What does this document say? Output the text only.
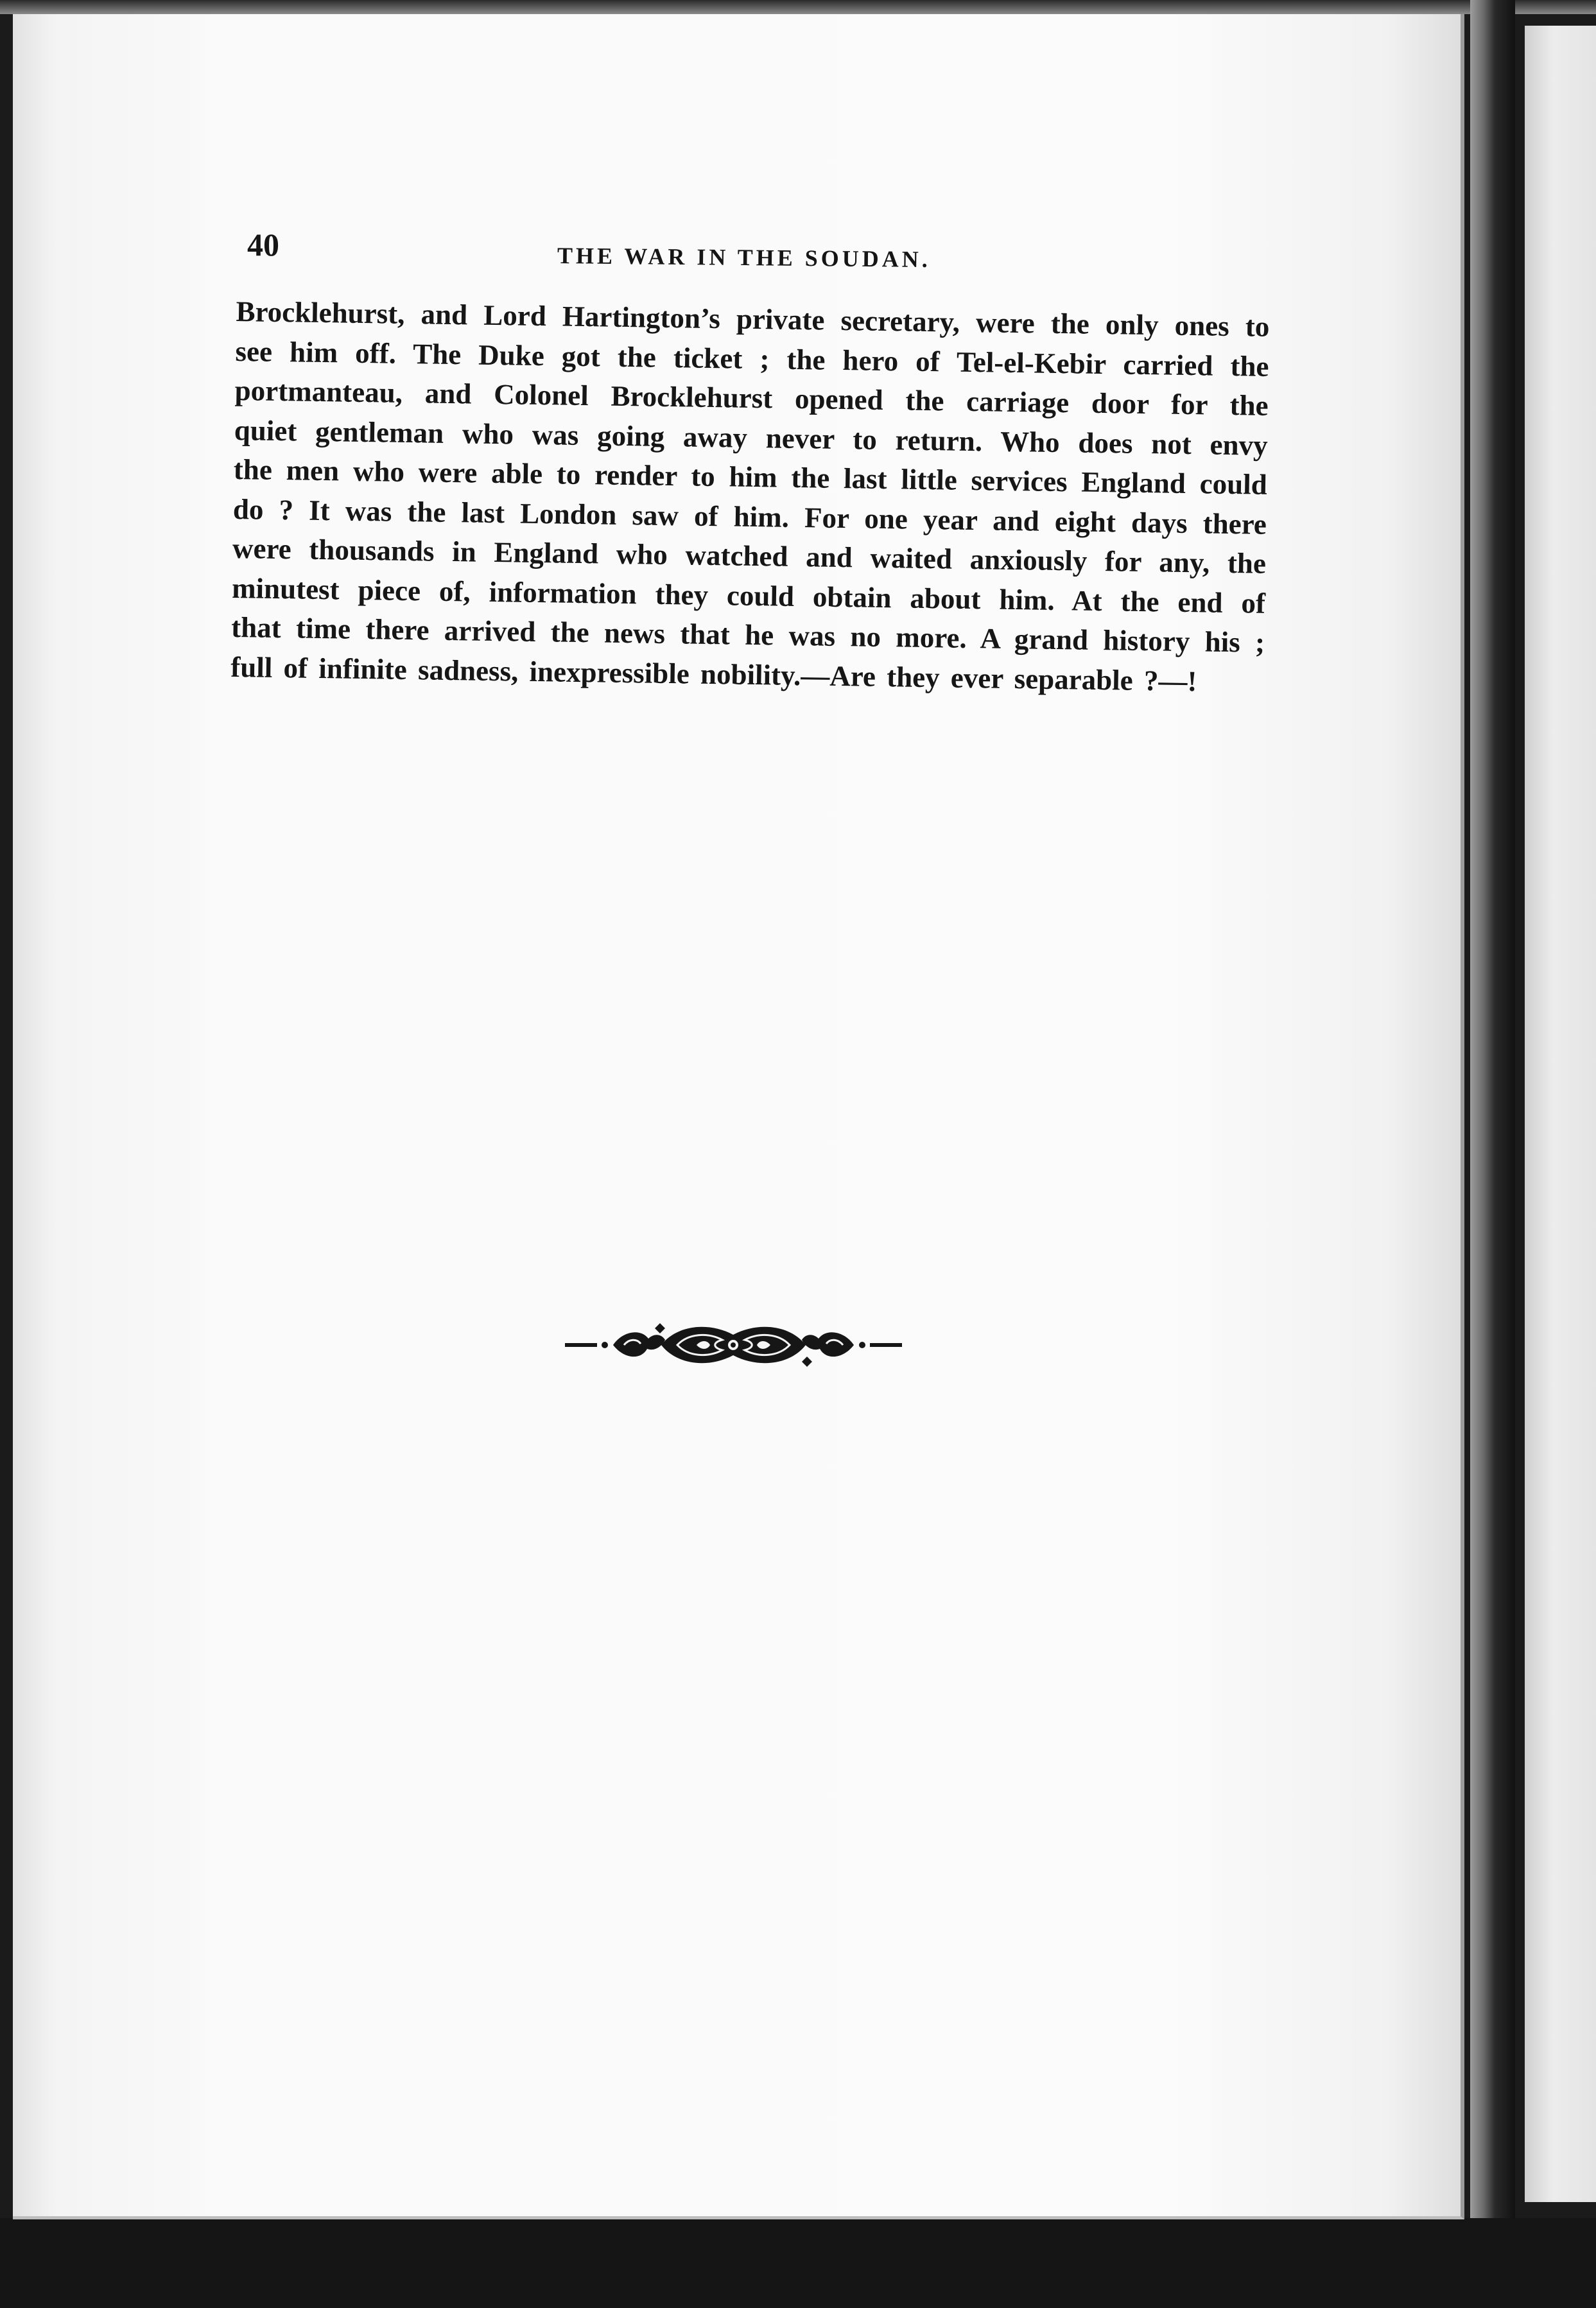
40	THE WAR IN THE SOUDAN.
Brocklehurst, and Lord Hartington’s private secretary, were the only ones to
see him off. The Duke got the ticket ; the hero of Tel-el-Kebir carried the
portmanteau, and Colonel Brocklehurst opened the carriage door for the
quiet gentleman who was going away never to return. Who does not envy
the men who were able to render to him the last little services England could
do ? It was the last London saw of him. For one year and eight days there
were thousands in England who watched and waited anxiously for any, the
minutest piece of, information they could obtain about him. At the end of
that time there arrived the news that he was no more. A grand history his ;
full of infinite sadness, inexpressible nobility.—Are they ever separable ?—!
